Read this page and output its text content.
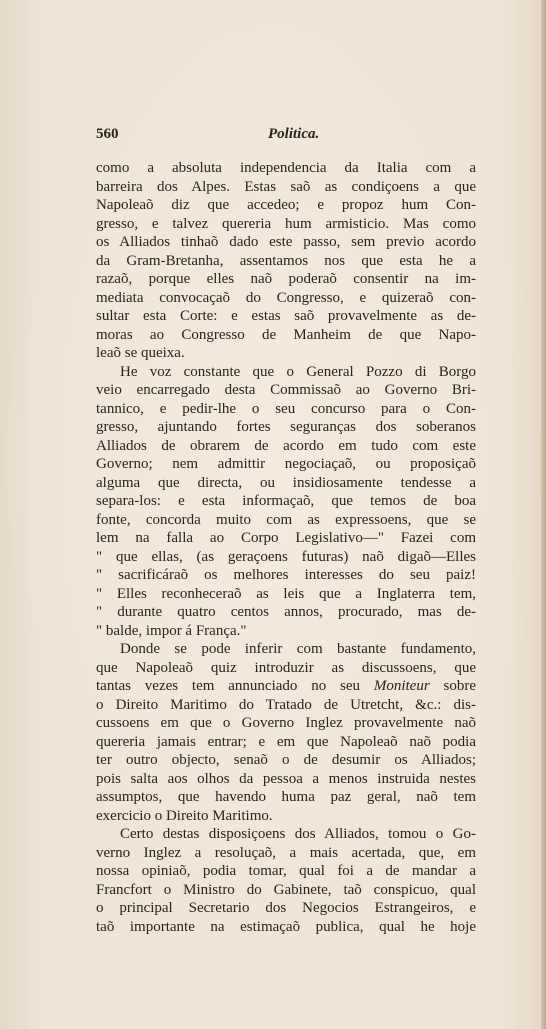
560	Politica.
como a absoluta independencia da Italia com a
barreira dos Alpes. Estas saõ as condiçoens a que
Napoleaõ diz que accedeo; e propoz hum Con-
gresso, e talvez quereria hum armisticio. Mas como
os Alliados tinhaõ dado este passo, sem previo acordo
da Gram-Bretanha, assentamos nos que esta he a
razaõ, porque elles naõ poderaõ consentir na im-
mediata convocaçaõ do Congresso, e quizeraõ con-
sultar esta Corte: e estas saõ provavelmente as de-
moras ao Congresso de Manheim de que Napo-
leaõ se queixa.
He voz constante que o General Pozzo di Borgo
veio encarregado desta Commissaõ ao Governo Bri-
tannico, e pedir-lhe o seu concurso para o Con-
gresso, ajuntando fortes seguranças dos soberanos
Alliados de obrarem de acordo em tudo com este
Governo; nem admittir negociaçaõ, ou proposiçaõ
alguma que directa, ou insidiosamente tendesse a
separa-los: e esta informaçaõ, que temos de boa
fonte, concorda muito com as expressoens, que se
lem na falla ao Corpo Legislativo—" Fazei com
" que ellas, (as geraçoens futuras) naõ digaõ—Elles
" sacrificáraõ os melhores interesses do seu paiz!
" Elles reconheceraõ as leis que a Inglaterra tem,
" durante quatro centos annos, procurado, mas de-
" balde, impor á França."
Donde se pode inferir com bastante fundamento,
que Napoleaõ quiz introduzir as discussoens, que
tantas vezes tem annunciado no seu Moniteur sobre
o Direito Maritimo do Tratado de Utretcht, &c.: dis-
cussoens em que o Governo Inglez provavelmente naõ
quereria jamais entrar; e em que Napoleaõ naõ podia
ter outro objecto, senaõ o de desumir os Alliados;
pois salta aos olhos da pessoa a menos instruida nestes
assumptos, que havendo huma paz geral, naõ tem
exercicio o Direito Maritimo.
Certo destas disposiçoens dos Alliados, tomou o Go-
verno Inglez a resoluçaõ, a mais acertada, que, em
nossa opiniaõ, podia tomar, qual foi a de mandar a
Francfort o Ministro do Gabinete, taõ conspicuo, qual
o principal Secretario dos Negocios Estrangeiros, e
taõ importante na estimaçaõ publica, qual he hoje
